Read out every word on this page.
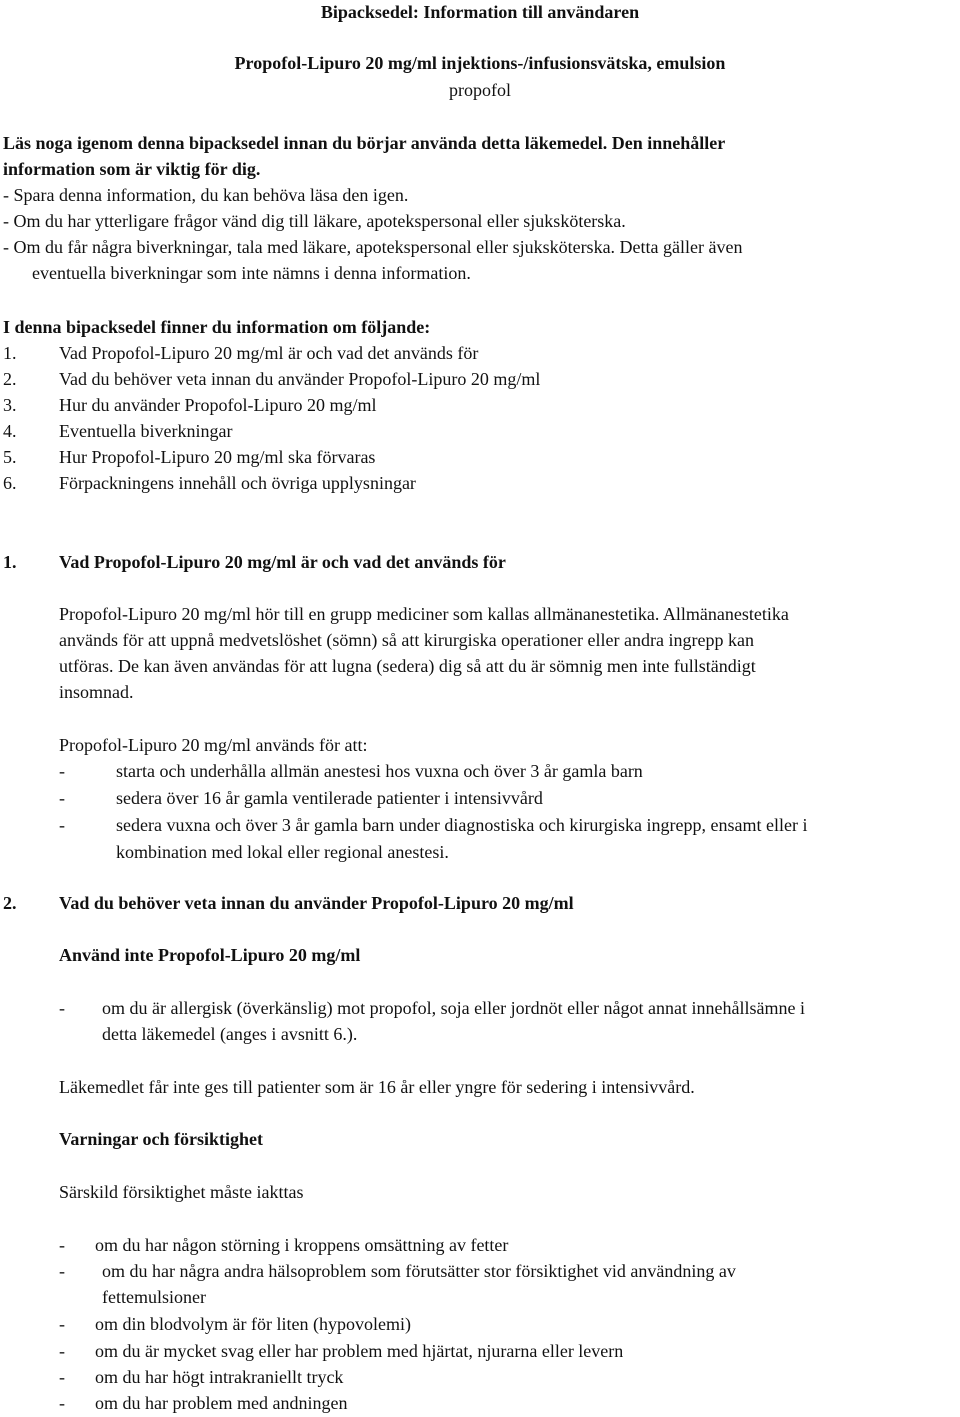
Bipacksedel: Information till användaren
Propofol-Lipuro 20 mg/ml injektions-/infusionsvätska, emulsion
propofol
Läs noga igenom denna bipacksedel innan du börjar använda detta läkemedel. Den innehåller
information som är viktig för dig.
- Spara denna information, du kan behöva läsa den igen.
- Om du har ytterligare frågor vänd dig till läkare, apotekspersonal eller sjuksköterska.
- Om du får några biverkningar, tala med läkare, apotekspersonal eller sjuksköterska. Detta gäller även
eventuella biverkningar som inte nämns i denna information.
I denna bipacksedel finner du information om följande:
1. Vad Propofol-Lipuro 20 mg/ml är och vad det används för
2. Vad du behöver veta innan du använder Propofol-Lipuro 20 mg/ml
3. Hur du använder Propofol-Lipuro 20 mg/ml
4. Eventuella biverkningar
5. Hur Propofol-Lipuro 20 mg/ml ska förvaras
6. Förpackningens innehåll och övriga upplysningar
1. Vad Propofol-Lipuro 20 mg/ml är och vad det används för
Propofol-Lipuro 20 mg/ml hör till en grupp mediciner som kallas allmänanestetika. Allmänanestetika
används för att uppnå medvetslöshet (sömn) så att kirurgiska operationer eller andra ingrepp kan
utföras. De kan även användas för att lugna (sedera) dig så att du är sömnig men inte fullständigt
insomnad.
Propofol-Lipuro 20 mg/ml används för att:
-	starta och underhålla allmän anestesi hos vuxna och över 3 år gamla barn
-	sedera över 16 år gamla ventilerade patienter i intensivvård
-	sedera vuxna och över 3 år gamla barn under diagnostiska och kirurgiska ingrepp, ensamt eller i
kombination med lokal eller regional anestesi.
2. Vad du behöver veta innan du använder Propofol-Lipuro 20 mg/ml
Använd inte Propofol-Lipuro 20 mg/ml
- om du är allergisk (överkänslig) mot propofol, soja eller jordnöt eller något annat innehållsämne i
detta läkemedel (anges i avsnitt 6.).
Läkemedlet får inte ges till patienter som är 16 år eller yngre för sedering i intensivvård.
Varningar och försiktighet
Särskild försiktighet måste iakttas
- om du har någon störning i kroppens omsättning av fetter
- om du har några andra hälsoproblem som förutsätter stor försiktighet vid användning av
fettemulsioner
- om din blodvolym är för liten (hypovolemi)
- om du är mycket svag eller har problem med hjärtat, njurarna eller levern
- om du har högt intrakraniellt tryck
- om du har problem med andningen
